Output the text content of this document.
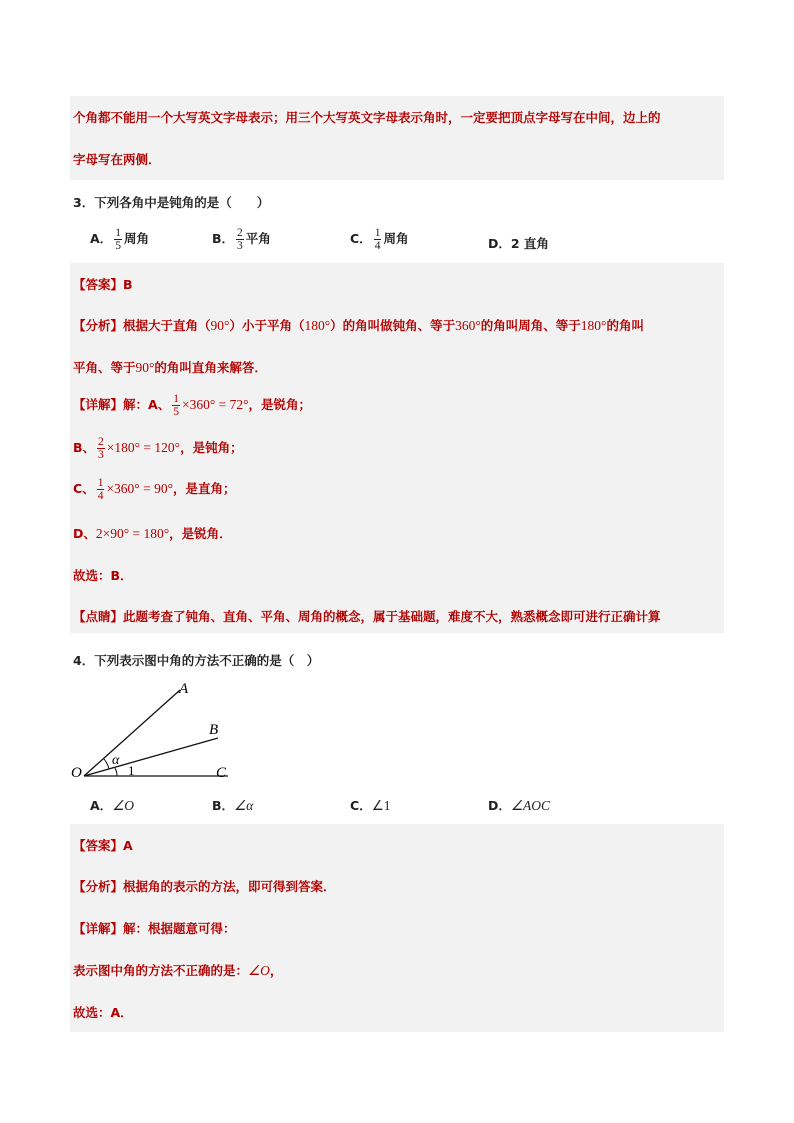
个角都不能用一个大写英文字母表示；用三个大写英文字母表示角时，一定要把顶点字母写在中间，边上的
字母写在两侧．
3．下列各角中是钝角的是（　　）
A． $\frac{1}{5}$ 周角	B． $\frac{2}{3}$ 平角	C． $\frac{1}{4}$ 周角	D．2 直角
【答案】B
【分析】根据大于直角（90°）小于平角（180°）的角叫做钝角、等于360°的角叫周角、等于180°的角叫
平角、等于90°的角叫直角来解答．
【详解】解：A、 $\frac{1}{5} \times 360^\circ = 72^\circ$，是锐角；
B、 $\frac{2}{3} \times 180^\circ = 120^\circ$，是钝角；
C、 $\frac{1}{4} \times 360^\circ = 90^\circ$，是直角；
D、2×90° = 180°，是锐角．
故选：B．
【点睛】此题考查了钝角、直角、平角、周角的概念，属于基础题，难度不大，熟悉概念即可进行正确计算
4．下列表示图中角的方法不正确的是（　）
A
B
O	C
α
1
A．∠O	B．∠α	C．∠1	D．∠AOC
【答案】A
【分析】根据角的表示的方法，即可得到答案．
【详解】解：根据题意可得：
表示图中角的方法不正确的是：∠O，
故选：A．
